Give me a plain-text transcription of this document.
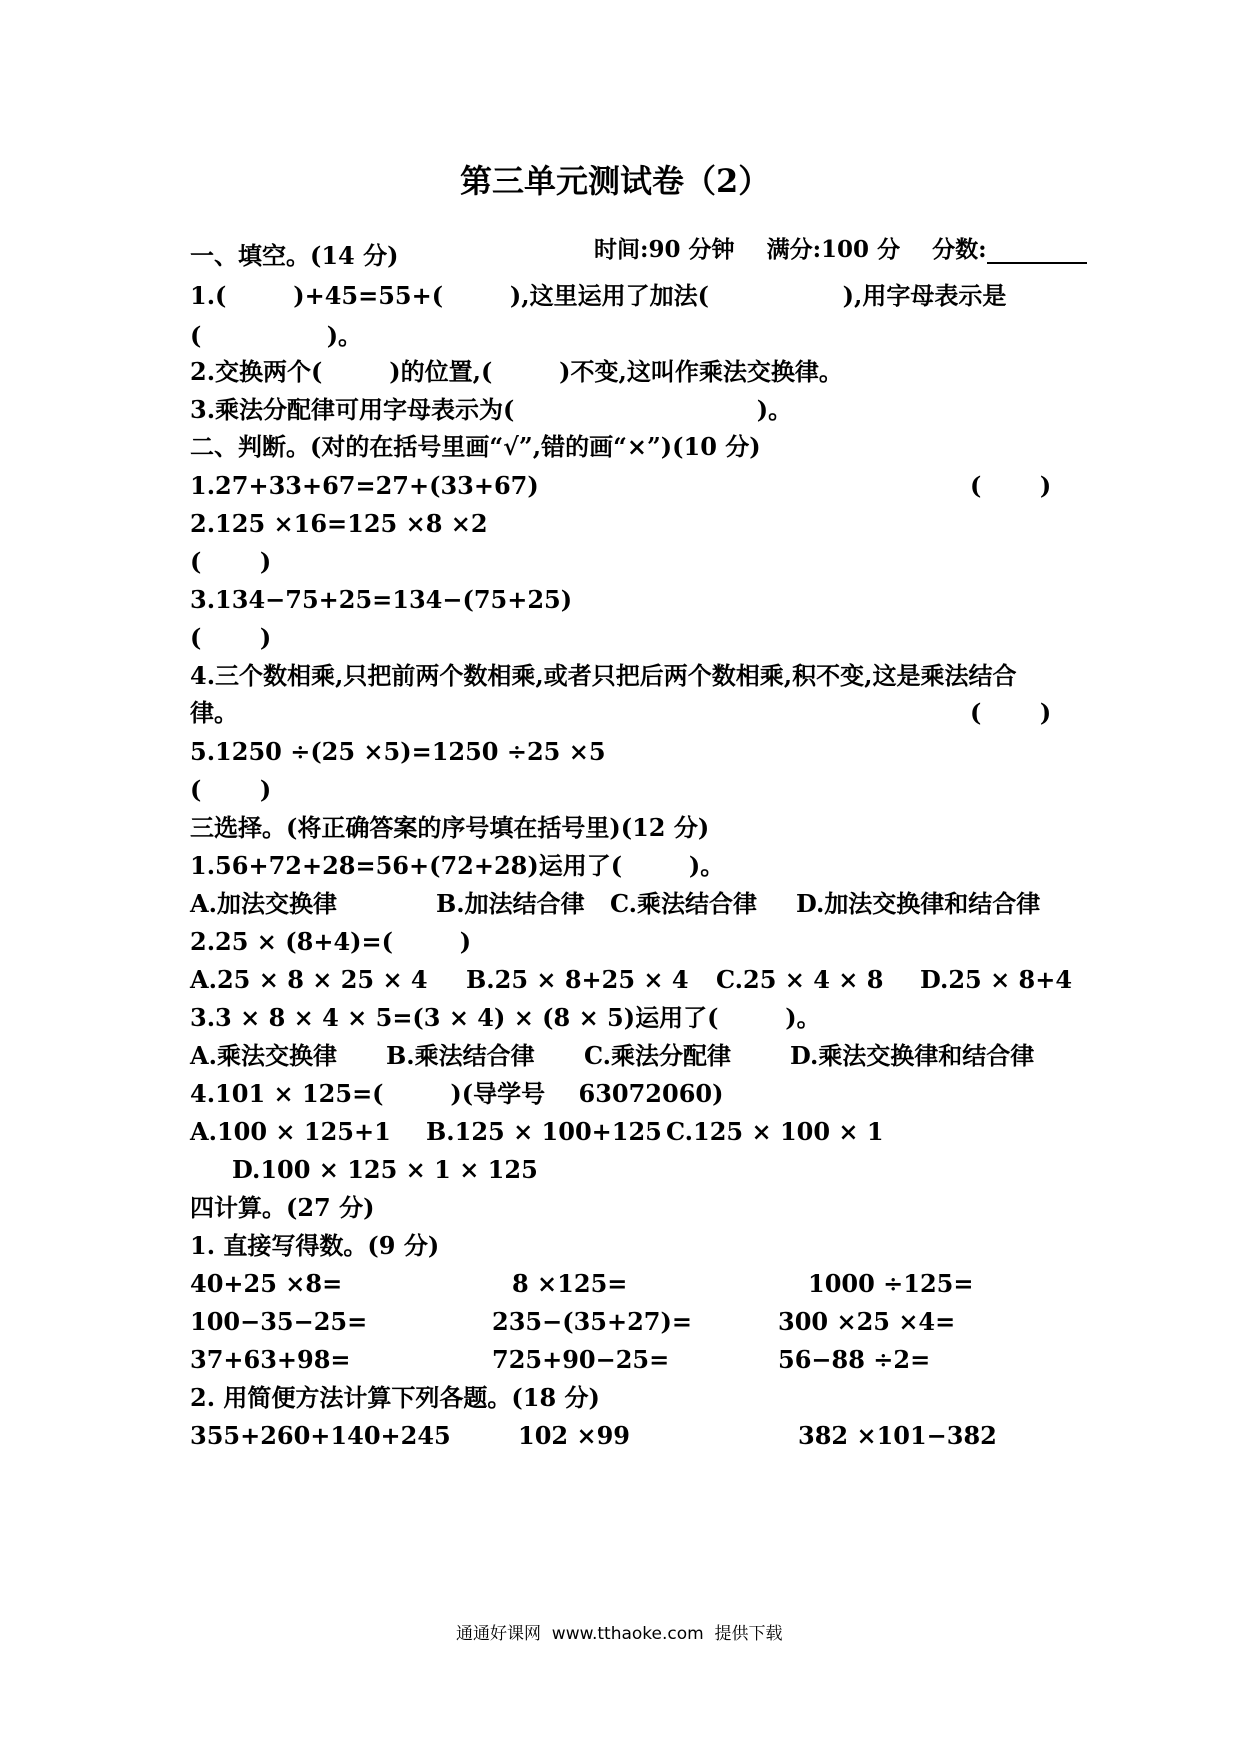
第三单元测试卷（2）

时间:90 分钟 满分:100 分 分数:

一、填空。(14 分)
1.(        )+45=55+(        ),这里运用了加法(                ),用字母表示是
(               )。
2.交换两个(        )的位置,(        )不变,这叫作乘法交换律。
3.乘法分配律可用字母表示为(                             )。
二、判断。(对的在括号里画“√”,错的画“×”)(10 分)
1.27+33+67=27+(33+67)	(       )
2.125 ×16=125 ×8 ×2
(       )
3.134−75+25=134−(75+25)
(       )
4.三个数相乘,只把前两个数相乘,或者只把后两个数相乘,积不变,这是乘法结合
律。	(       )
5.1250 ÷(25 ×5)=1250 ÷25 ×5
(       )
三选择。(将正确答案的序号填在括号里)(12 分)
1.56+72+28=56+(72+28)运用了(        )。
A.加法交换律	B.加法结合律 C.乘法结合律 D.加法交换律和结合律
2.25 × (8+4)=(        )
A.25 × 8 × 25 × 4 B.25 × 8+25 × 4 C.25 × 4 × 8 D.25 × 8+4
3.3 × 8 × 4 × 5=(3 × 4) × (8 × 5)运用了(        )。
A.乘法交换律 B.乘法结合律 C.乘法分配律 D.乘法交换律和结合律
4.101 × 125=(        )(导学号    63072060)
A.100 × 125+1 B.125 × 100+125 C.125 × 100 × 1
D.100 × 125 × 1 × 125
四计算。(27 分)
1. 直接写得数。(9 分)
40+25 ×8=	8 ×125=	1000 ÷125=
100−35−25=	235−(35+27)=	300 ×25 ×4=
37+63+98=	725+90−25=	56−88 ÷2=
2. 用简便方法计算下列各题。(18 分)
355+260+140+245	102 ×99	382 ×101−382
通通好课网  www.tthaoke.com  提供下载
